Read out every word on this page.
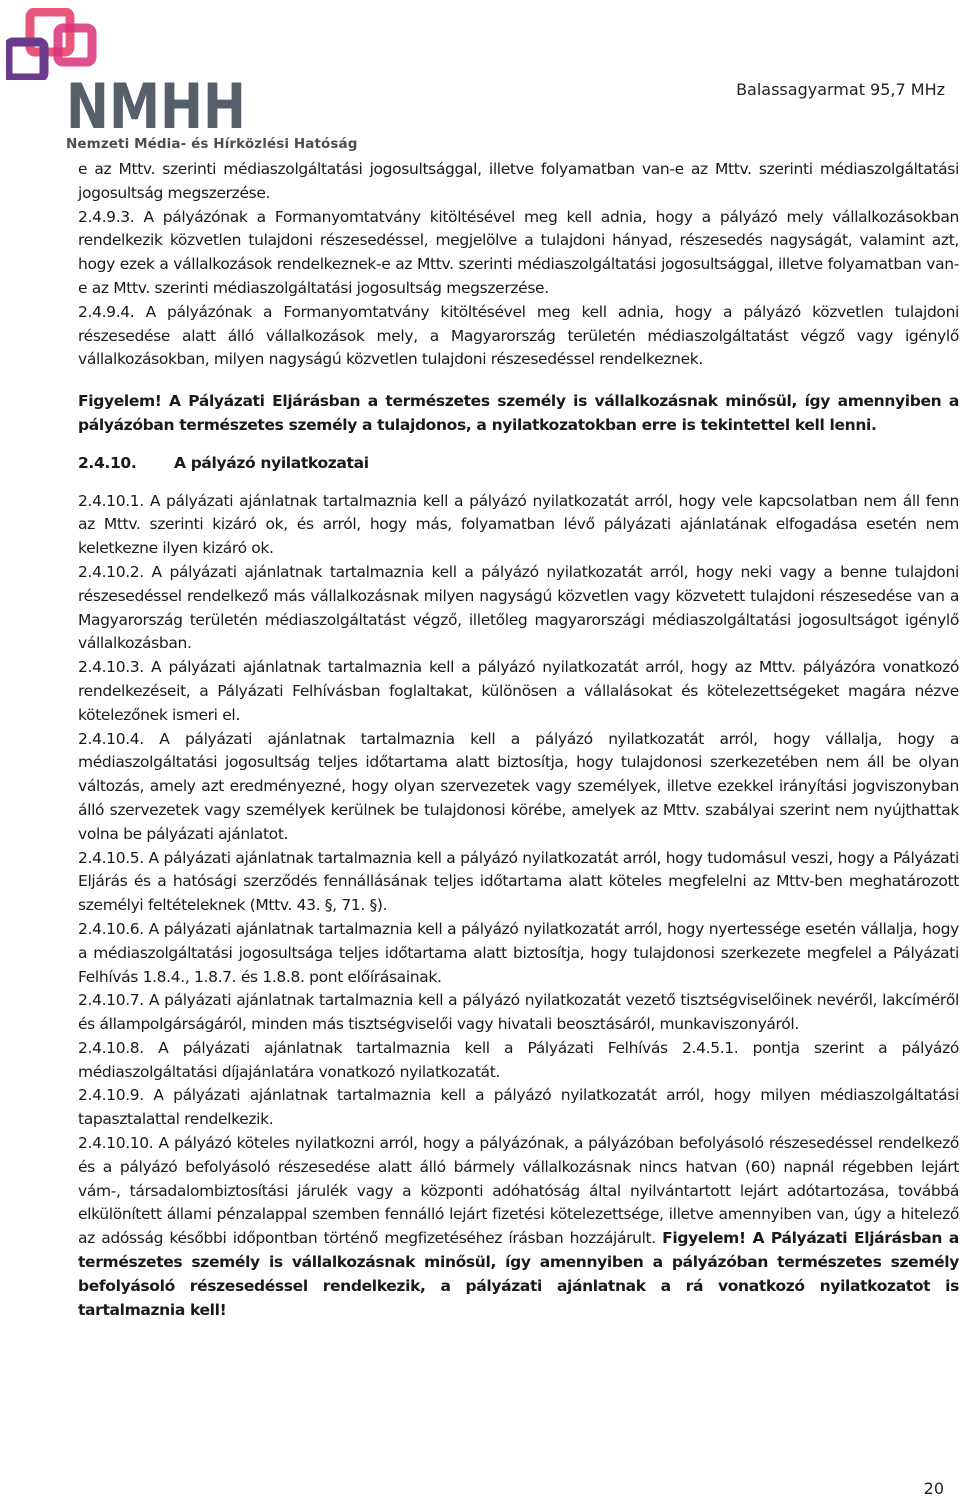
NMHH
Nemzeti Média- és Hírközlési Hatóság
Balassagyarmat 95,7 MHz

e az Mttv. szerinti médiaszolgáltatási jogosultsággal, illetve folyamatban van-e az Mttv. szerinti médiaszolgáltatási jogosultság megszerzése.

2.4.9.3. A pályázónak a Formanyomtatvány kitöltésével meg kell adnia, hogy a pályázó mely vállalkozásokban rendelkezik közvetlen tulajdoni részesedéssel, megjelölve a tulajdoni hányad, részesedés nagyságát, valamint azt, hogy ezek a vállalkozások rendelkeznek-e az Mttv. szerinti médiaszolgáltatási jogosultsággal, illetve folyamatban van-e az Mttv. szerinti médiaszolgáltatási jogosultság megszerzése.

2.4.9.4. A pályázónak a Formanyomtatvány kitöltésével meg kell adnia, hogy a pályázó közvetlen tulajdoni részesedése alatt álló vállalkozások mely, a Magyarország területén médiaszolgáltatást végző vagy igénylő vállalkozásokban, milyen nagyságú közvetlen tulajdoni részesedéssel rendelkeznek.

Figyelem! A Pályázati Eljárásban a természetes személy is vállalkozásnak minősül, így amennyiben a pályázóban természetes személy a tulajdonos, a nyilatkozatokban erre is tekintettel kell lenni.

2.4.10. A pályázó nyilatkozatai

2.4.10.1. A pályázati ajánlatnak tartalmaznia kell a pályázó nyilatkozatát arról, hogy vele kapcsolatban nem áll fenn az Mttv. szerinti kizáró ok, és arról, hogy más, folyamatban lévő pályázati ajánlatának elfogadása esetén nem keletkezne ilyen kizáró ok.

2.4.10.2. A pályázati ajánlatnak tartalmaznia kell a pályázó nyilatkozatát arról, hogy neki vagy a benne tulajdoni részesedéssel rendelkező más vállalkozásnak milyen nagyságú közvetlen vagy közvetett tulajdoni részesedése van a Magyarország területén médiaszolgáltatást végző, illetőleg magyarországi médiaszolgáltatási jogosultságot igénylő vállalkozásban.

2.4.10.3. A pályázati ajánlatnak tartalmaznia kell a pályázó nyilatkozatát arról, hogy az Mttv. pályázóra vonatkozó rendelkezéseit, a Pályázati Felhívásban foglaltakat, különösen a vállalásokat és kötelezettségeket magára nézve kötelezőnek ismeri el.

2.4.10.4. A pályázati ajánlatnak tartalmaznia kell a pályázó nyilatkozatát arról, hogy vállalja, hogy a médiaszolgáltatási jogosultság teljes időtartama alatt biztosítja, hogy tulajdonosi szerkezetében nem áll be olyan változás, amely azt eredményezné, hogy olyan szervezetek vagy személyek, illetve ezekkel irányítási jogviszonyban álló szervezetek vagy személyek kerülnek be tulajdonosi körébe, amelyek az Mttv. szabályai szerint nem nyújthattak volna be pályázati ajánlatot.

2.4.10.5. A pályázati ajánlatnak tartalmaznia kell a pályázó nyilatkozatát arról, hogy tudomásul veszi, hogy a Pályázati Eljárás és a hatósági szerződés fennállásának teljes időtartama alatt köteles megfelelni az Mttv-ben meghatározott személyi feltételeknek (Mttv. 43. §, 71. §).

2.4.10.6. A pályázati ajánlatnak tartalmaznia kell a pályázó nyilatkozatát arról, hogy nyertessége esetén vállalja, hogy a médiaszolgáltatási jogosultsága teljes időtartama alatt biztosítja, hogy tulajdonosi szerkezete megfelel a Pályázati Felhívás 1.8.4., 1.8.7. és 1.8.8. pont előírásainak.

2.4.10.7. A pályázati ajánlatnak tartalmaznia kell a pályázó nyilatkozatát vezető tisztségviselőinek nevéről, lakcíméről és állampolgárságáról, minden más tisztségviselői vagy hivatali beosztásáról, munkaviszonyáról.

2.4.10.8. A pályázati ajánlatnak tartalmaznia kell a Pályázati Felhívás 2.4.5.1. pontja szerint a pályázó médiaszolgáltatási díjajánlatára vonatkozó nyilatkozatát.

2.4.10.9. A pályázati ajánlatnak tartalmaznia kell a pályázó nyilatkozatát arról, hogy milyen médiaszolgáltatási tapasztalattal rendelkezik.

2.4.10.10. A pályázó köteles nyilatkozni arról, hogy a pályázónak, a pályázóban befolyásoló részesedéssel rendelkező és a pályázó befolyásoló részesedése alatt álló bármely vállalkozásnak nincs hatvan (60) napnál régebben lejárt vám-, társadalombiztosítási járulék vagy a központi adóhatóság által nyilvántartott lejárt adótartozása, továbbá elkülönített állami pénzalappal szemben fennálló lejárt fizetési kötelezettsége, illetve amennyiben van, úgy a hitelező az adósság későbbi időpontban történő megfizetéséhez írásban hozzájárult. Figyelem! A Pályázati Eljárásban a természetes személy is vállalkozásnak minősül, így amennyiben a pályázóban természetes személy befolyásoló részesedéssel rendelkezik, a pályázati ajánlatnak a rá vonatkozó nyilatkozatot is tartalmaznia kell!

20
